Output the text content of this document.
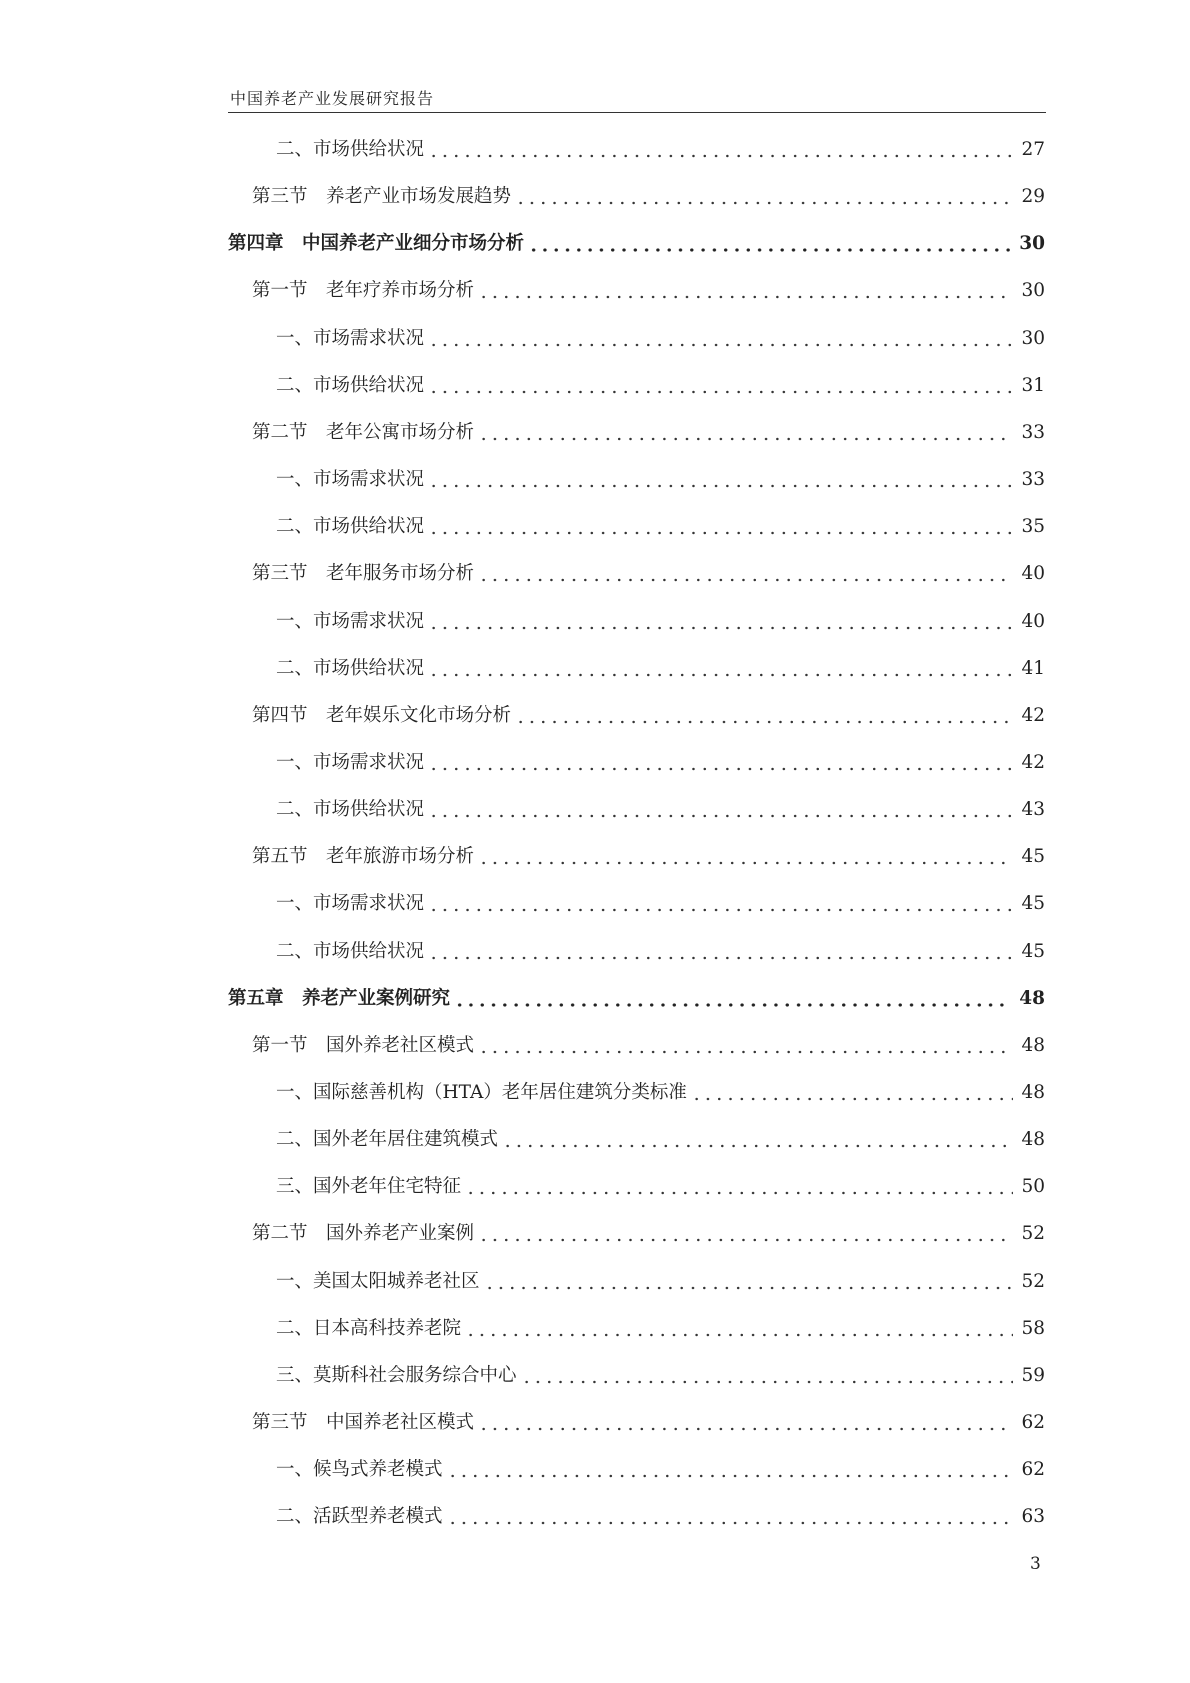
中国养老产业发展研究报告
二、市场供给状况	27
第三节　养老产业市场发展趋势	29
第四章　中国养老产业细分市场分析	30
第一节　老年疗养市场分析	30
一、市场需求状况	30
二、市场供给状况	31
第二节　老年公寓市场分析	33
一、市场需求状况	33
二、市场供给状况	35
第三节　老年服务市场分析	40
一、市场需求状况	40
二、市场供给状况	41
第四节　老年娱乐文化市场分析	42
一、市场需求状况	42
二、市场供给状况	43
第五节　老年旅游市场分析	45
一、市场需求状况	45
二、市场供给状况	45
第五章　养老产业案例研究	48
第一节　国外养老社区模式	48
一、国际慈善机构（HTA）老年居住建筑分类标准	48
二、国外老年居住建筑模式	48
三、国外老年住宅特征	50
第二节　国外养老产业案例	52
一、美国太阳城养老社区	52
二、日本高科技养老院	58
三、莫斯科社会服务综合中心	59
第三节　中国养老社区模式	62
一、候鸟式养老模式	62
二、活跃型养老模式	63
3
